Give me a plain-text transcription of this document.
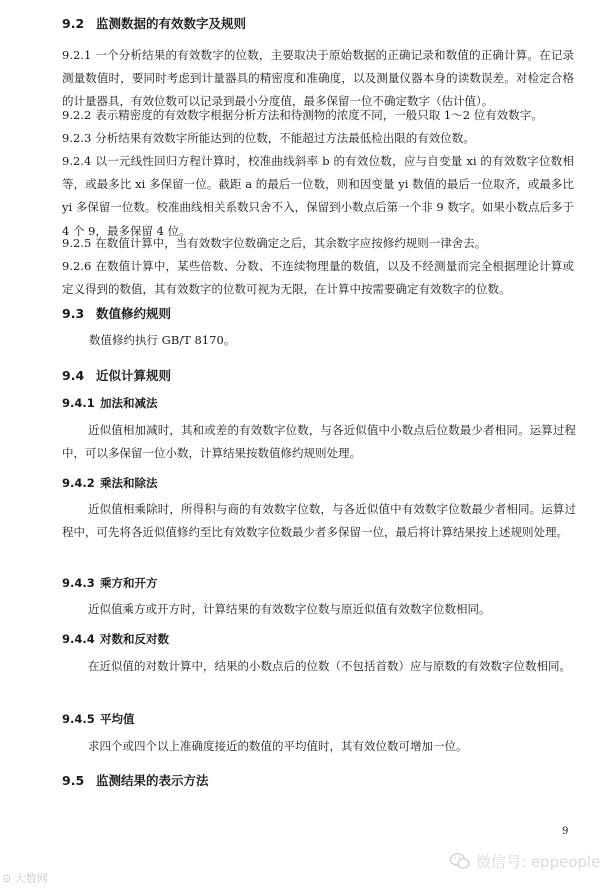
9.2 监测数据的有效数字及规则
9.2.1 一个分析结果的有效数字的位数，主要取决于原始数据的正确记录和数值的正确计算。在记录测量数值时，要同时考虑到计量器具的精密度和准确度，以及测量仪器本身的读数误差。对检定合格的计量器具，有效位数可以记录到最小分度值，最多保留一位不确定数字（估计值）。
9.2.2 表示精密度的有效数字根据分析方法和待测物的浓度不同，一般只取 1～2 位有效数字。
9.2.3 分析结果有效数字所能达到的位数，不能超过方法最低检出限的有效位数。
9.2.4 以一元线性回归方程计算时，校准曲线斜率 b 的有效位数，应与自变量 xi 的有效数字位数相等，或最多比 xi 多保留一位。截距 a 的最后一位数，则和因变量 yi 数值的最后一位取齐，或最多比 yi 多保留一位数。校准曲线相关系数只舍不入，保留到小数点后第一个非 9 数字。如果小数点后多于 4 个 9，最多保留 4 位。
9.2.5 在数值计算中，当有效数字位数确定之后，其余数字应按修约规则一律舍去。
9.2.6 在数值计算中，某些倍数、分数、不连续物理量的数值，以及不经测量而完全根据理论计算或定义得到的数值，其有效数字的位数可视为无限，在计算中按需要确定有效数字的位数。
9.3 数值修约规则
数值修约执行 GB/T 8170。
9.4 近似计算规则
9.4.1 加法和减法
近似值相加减时，其和或差的有效数字位数，与各近似值中小数点后位数最少者相同。运算过程中，可以多保留一位小数，计算结果按数值修约规则处理。
9.4.2 乘法和除法
近似值相乘除时，所得积与商的有效数字位数，与各近似值中有效数字位数最少者相同。运算过程中，可先将各近似值修约至比有效数字位数最少者多保留一位，最后将计算结果按上述规则处理。
9.4.3 乘方和开方
近似值乘方或开方时，计算结果的有效数字位数与原近似值有效数字位数相同。
9.4.4 对数和反对数
在近似值的对数计算中，结果的小数点后的位数（不包括首数）应与原数的有效数字位数相同。
9.4.5 平均值
求四个或四个以上准确度接近的数值的平均值时，其有效位数可增加一位。
9.5 监测结果的表示方法
9
⊙ 大数网
微信号: eppeople
